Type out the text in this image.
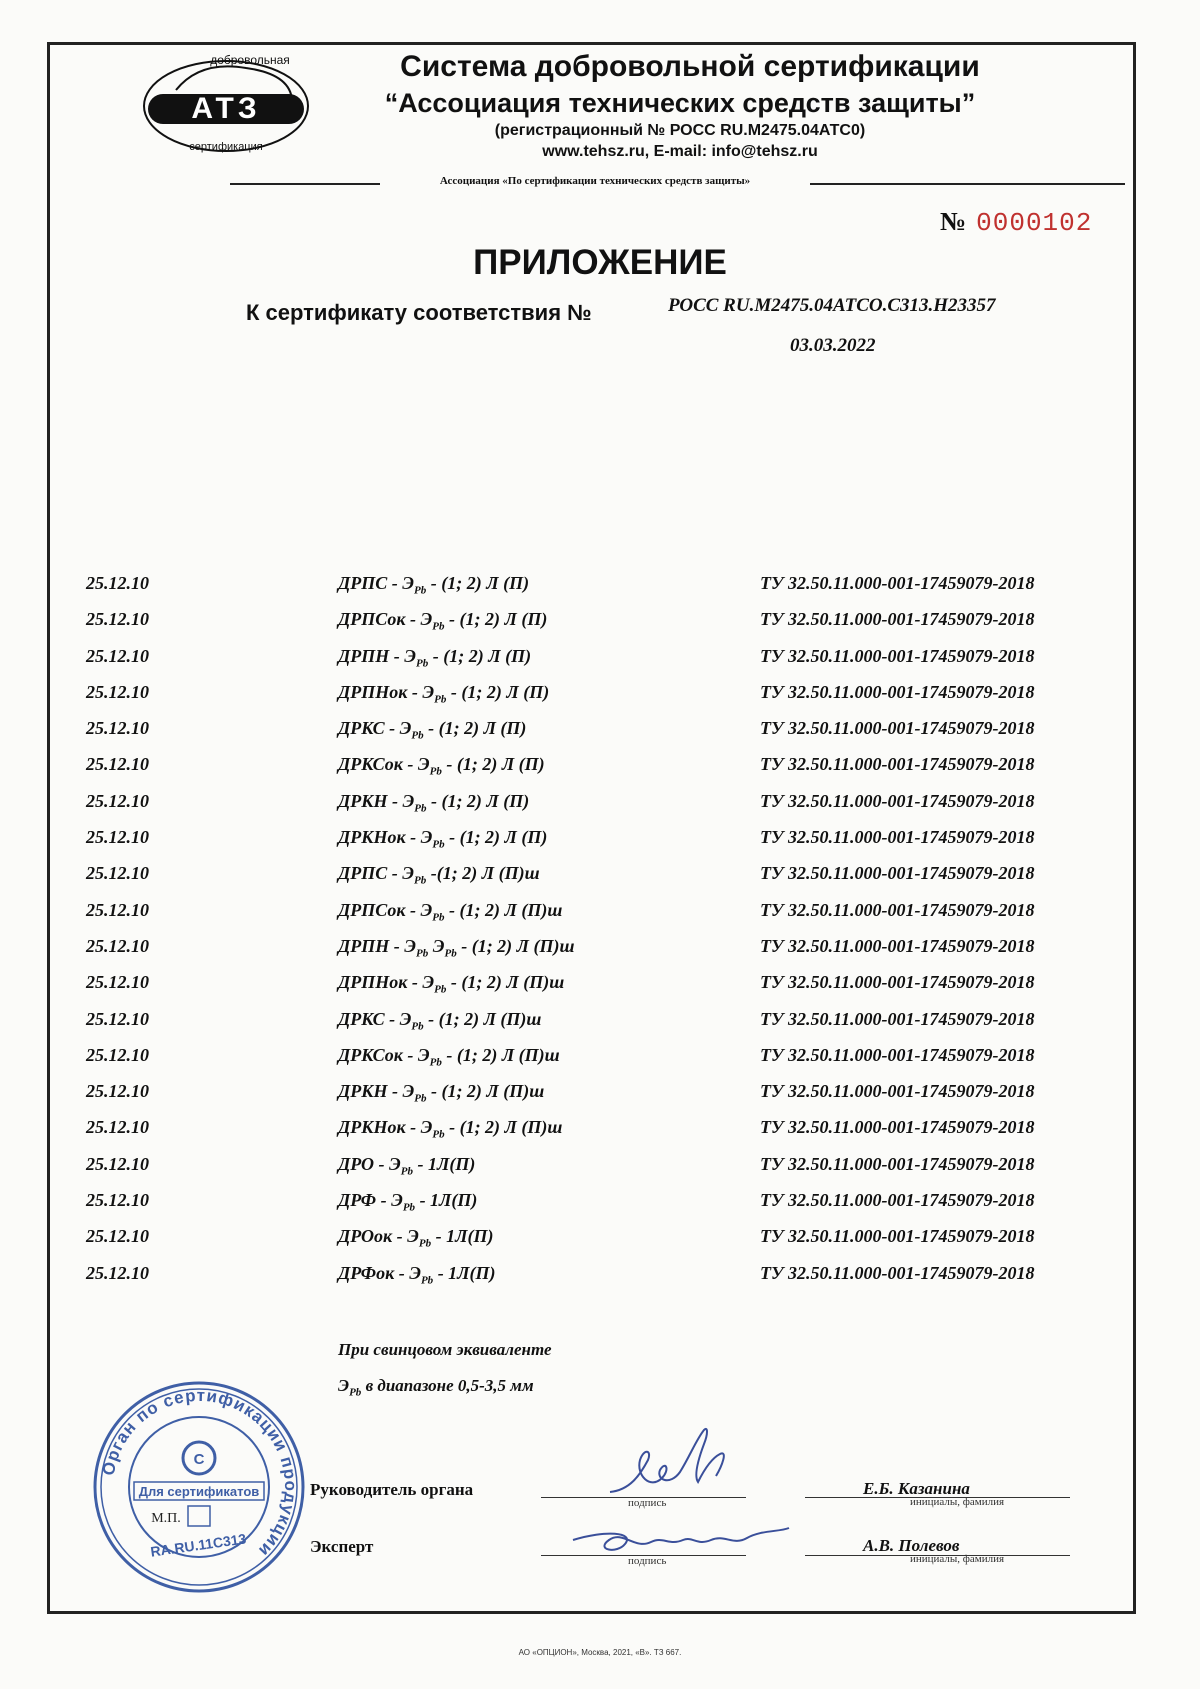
АТЗ
добровольная
сертификация
Система добровольной сертификации
“Ассоциация технических средств защиты”
(регистрационный № РОСС RU.M2475.04АТС0)
www.tehsz.ru, E-mail: info@tehsz.ru
Ассоциация «По сертификации технических средств защиты»
№ 0000102
ПРИЛОЖЕНИЕ
К сертификату соответствия №	РОСС RU.M2475.04ATCO.C313.H23357
03.03.2022
25.12.10	ДРПС - $Э_{Pb} - (1$; 2) Л (П)	ТУ 32.50.11.000-001-17459079-2018
25.12.10	ДРПСок - $Э_{Pb} - (1$; 2) Л (П)	ТУ 32.50.11.000-001-17459079-2018
25.12.10	ДРПН - $Э_{Pb} - (1$; 2) Л (П)	ТУ 32.50.11.000-001-17459079-2018
25.12.10	ДРПНок - $Э_{Pb} - (1$; 2) Л (П)	ТУ 32.50.11.000-001-17459079-2018
25.12.10	ДРКС - $Э_{Pb} - (1$; 2) Л (П)	ТУ 32.50.11.000-001-17459079-2018
25.12.10	ДРКСок - $Э_{Pb} - (1$; 2) Л (П)	ТУ 32.50.11.000-001-17459079-2018
25.12.10	ДРКН - $Э_{Pb} - (1$; 2) Л (П)	ТУ 32.50.11.000-001-17459079-2018
25.12.10	ДРКНок - $Э_{Pb} - (1$; 2) Л (П)	ТУ 32.50.11.000-001-17459079-2018
25.12.10	ДРПС - $Э_{Pb}$ -(1; 2) Л (П)ш	ТУ 32.50.11.000-001-17459079-2018
25.12.10	ДРПСок - $Э_{Pb} - (1$; 2) Л (П)ш	ТУ 32.50.11.000-001-17459079-2018
25.12.10	ДРПН - $Э_{Pb}$ $Э_{Pb} - (1$; 2) Л (П)ш	ТУ 32.50.11.000-001-17459079-2018
25.12.10	ДРПНок - $Э_{Pb} - (1$; 2) Л (П)ш	ТУ 32.50.11.000-001-17459079-2018
25.12.10	ДРКС - $Э_{Pb} - (1$; 2) Л (П)ш	ТУ 32.50.11.000-001-17459079-2018
25.12.10	ДРКСок - $Э_{Pb} - (1$; 2) Л (П)ш	ТУ 32.50.11.000-001-17459079-2018
25.12.10	ДРКН - $Э_{Pb} - (1$; 2) Л (П)ш	ТУ 32.50.11.000-001-17459079-2018
25.12.10	ДРКНок - $Э_{Pb} - (1$; 2) Л (П)ш	ТУ 32.50.11.000-001-17459079-2018
25.12.10	ДРО - $Э_{Pb} - 1Л(П)$	ТУ 32.50.11.000-001-17459079-2018
25.12.10	ДРФ - $Э_{Pb} - 1Л(П)$	ТУ 32.50.11.000-001-17459079-2018
25.12.10	ДРОок - $Э_{Pb} - 1Л(П)$	ТУ 32.50.11.000-001-17459079-2018
25.12.10	ДРФок - $Э_{Pb} - 1Л(П)$	ТУ 32.50.11.000-001-17459079-2018
При свинцовом эквиваленте
$Э_{Pb}$ в диапазоне 0,5-3,5 мм
Орган по сертификации продукции
С
Для сертификатов
М.П.
RA.RU.11C313
Руководитель органа
подпись
Е.Б. Казанина
инициалы, фамилия
Эксперт
подпись
А.В. Полевов
инициалы, фамилия
АО «ОПЦИОН», Москва, 2021, «В». ТЗ 667.
